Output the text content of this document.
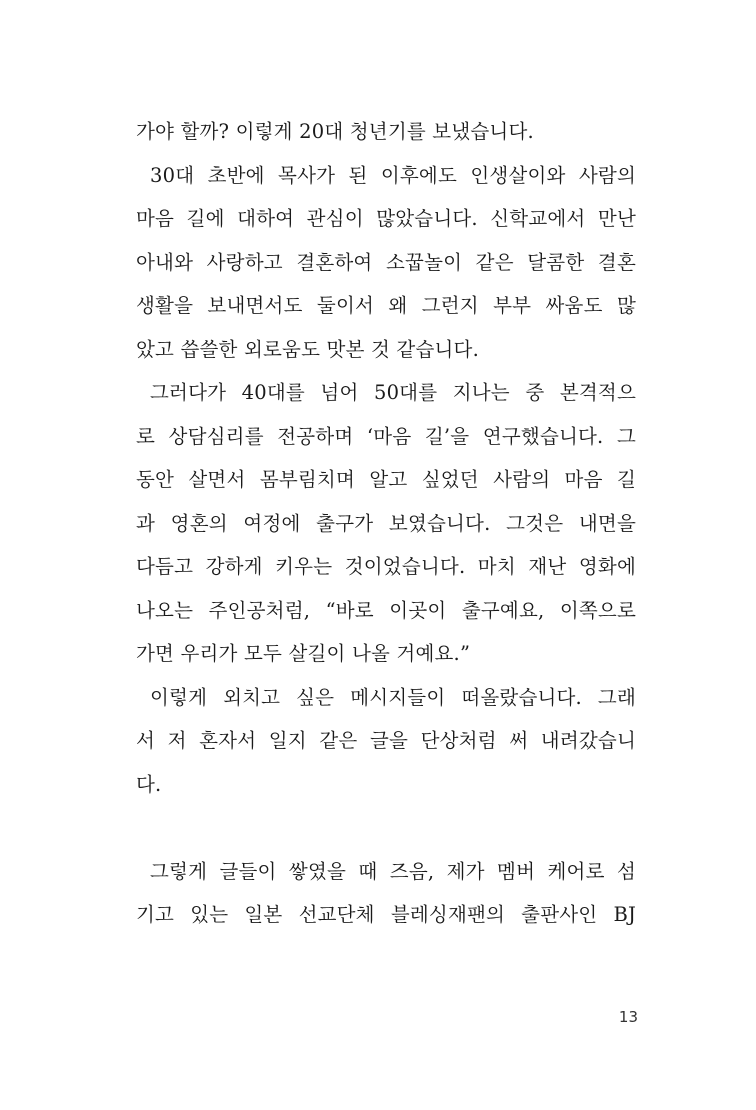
가야 할까? 이렇게 20대 청년기를 보냈습니다.
30대 초반에 목사가 된 이후에도 인생살이와 사람의
마음 길에 대하여 관심이 많았습니다. 신학교에서 만난
아내와 사랑하고 결혼하여 소꿉놀이 같은 달콤한 결혼
생활을 보내면서도 둘이서 왜 그런지 부부 싸움도 많
았고 씁쓸한 외로움도 맛본 것 같습니다.
그러다가 40대를 넘어 50대를 지나는 중 본격적으
로 상담심리를 전공하며 ‘마음 길’을 연구했습니다. 그
동안 살면서 몸부림치며 알고 싶었던 사람의 마음 길
과 영혼의 여정에 출구가 보였습니다. 그것은 내면을
다듬고 강하게 키우는 것이었습니다. 마치 재난 영화에
나오는 주인공처럼, “바로 이곳이 출구예요, 이쪽으로
가면 우리가 모두 살길이 나올 거예요.”
이렇게 외치고 싶은 메시지들이 떠올랐습니다. 그래
서 저 혼자서 일지 같은 글을 단상처럼 써 내려갔습니
다.
그렇게 글들이 쌓였을 때 즈음, 제가 멤버 케어로 섬
기고 있는 일본 선교단체 블레싱재팬의 출판사인 BJ
13
